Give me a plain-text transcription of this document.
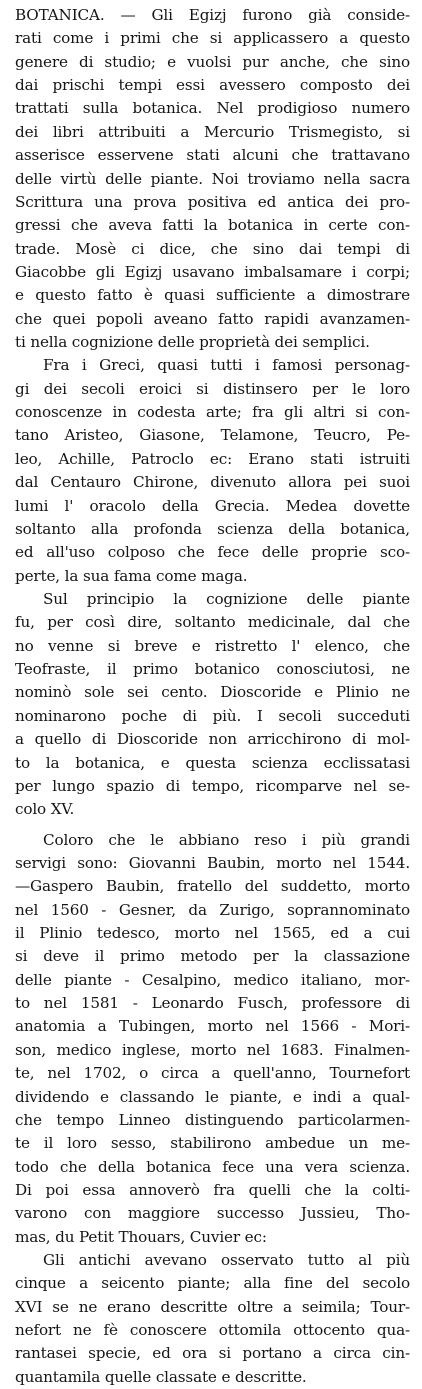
BOTANICA. — Gli Egizj furono già conside-
rati come i primi che si applicassero a questo
genere di studio; e vuolsi pur anche, che sino
dai prischi tempi essi avessero composto dei
trattati sulla botanica. Nel prodigioso numero
dei libri attribuiti a Mercurio Trismegisto, si
asserisce esservene stati alcuni che trattavano
delle virtù delle piante. Noi troviamo nella sacra
Scrittura una prova positiva ed antica dei pro-
gressi che aveva fatti la botanica in certe con-
trade. Mosè ci dice, che sino dai tempi di
Giacobbe gli Egizj usavano imbalsamare i corpi;
e questo fatto è quasi sufficiente a dimostrare
che quei popoli aveano fatto rapidi avanzamen-
ti nella cognizione delle proprietà dei semplici.
Fra i Greci, quasi tutti i famosi personag-
gi dei secoli eroici si distinsero per le loro
conoscenze in codesta arte; fra gli altri si con-
tano Aristeo, Giasone, Telamone, Teucro, Pe-
leo, Achille, Patroclo ec: Erano stati istruiti
dal Centauro Chirone, divenuto allora pei suoi
lumi l' oracolo della Grecia. Medea dovette
soltanto alla profonda scienza della botanica,
ed all'uso colposo che fece delle proprie sco-
perte, la sua fama come maga.
Sul principio la cognizione delle piante
fu, per così dire, soltanto medicinale, dal che
no venne si breve e ristretto l' elenco, che
Teofraste, il primo botanico conosciutosi, ne
nominò sole sei cento. Dioscoride e Plinio ne
nominarono poche di più. I secoli succeduti
a quello di Dioscoride non arricchirono di mol-
to la botanica, e questa scienza ecclissatasi
per lungo spazio di tempo, ricomparve nel se-
colo XV.
Coloro che le abbiano reso i più grandi
servigi sono: Giovanni Baubin, morto nel 1544.
—Gaspero Baubin, fratello del suddetto, morto
nel 1560 - Gesner, da Zurigo, soprannominato
il Plinio tedesco, morto nel 1565, ed a cui
si deve il primo metodo per la classazione
delle piante - Cesalpino, medico italiano, mor-
to nel 1581 - Leonardo Fusch, professore di
anatomia a Tubingen, morto nel 1566 - Mori-
son, medico inglese, morto nel 1683. Finalmen-
te, nel 1702, o circa a quell'anno, Tournefort
dividendo e classando le piante, e indi a qual-
che tempo Linneo distinguendo particolarmen-
te il loro sesso, stabilirono ambedue un me-
todo che della botanica fece una vera scienza.
Di poi essa annoverò fra quelli che la colti-
varono con maggiore successo Jussieu, Tho-
mas, du Petit Thouars, Cuvier ec:
Gli antichi avevano osservato tutto al più
cinque a seicento piante; alla fine del secolo
XVI se ne erano descritte oltre a seimila; Tour-
nefort ne fè conoscere ottomila ottocento qua-
rantasei specie, ed ora si portano a circa cin-
quantamila quelle classate e descritte.
